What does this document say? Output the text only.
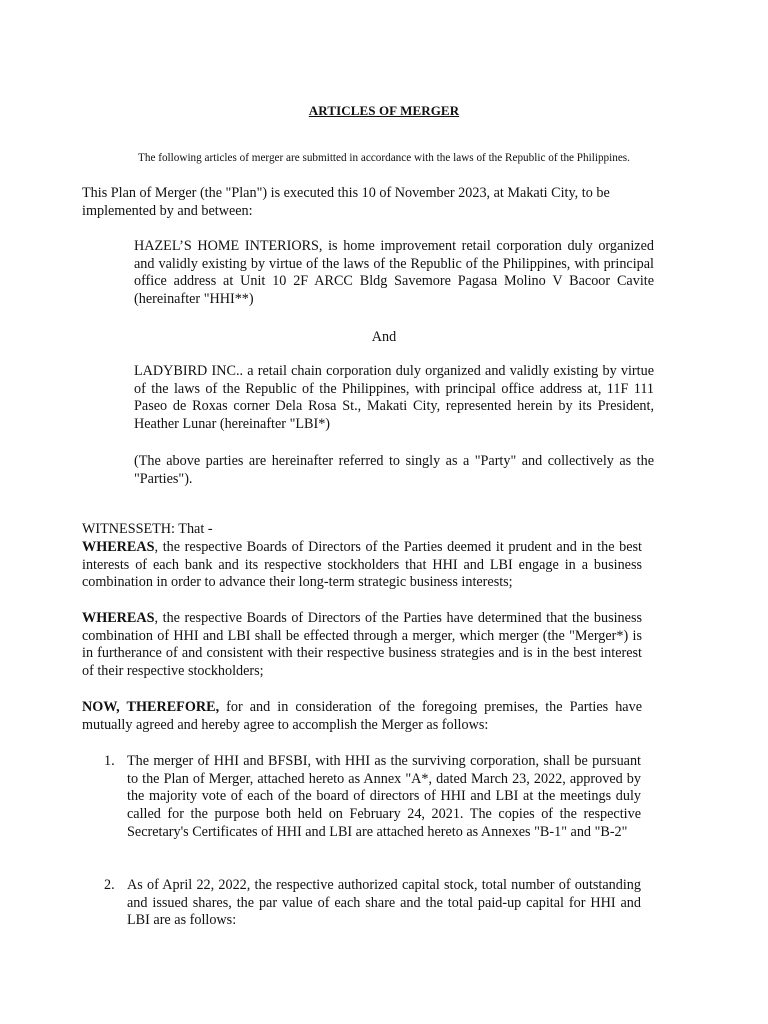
ARTICLES OF MERGER
The following articles of merger are submitted in accordance with the laws of the Republic of the Philippines.

This Plan of Merger (the "Plan") is executed this 10 of November 2023, at Makati City, to be implemented by and between:

HAZEL’S HOME INTERIORS, is home improvement retail corporation duly organized and validly existing by virtue of the laws of the Republic of the Philippines, with principal office address at Unit 10 2F ARCC Bldg Savemore Pagasa Molino V Bacoor Cavite (hereinafter "HHI**)

And

LADYBIRD INC.. a retail chain corporation duly organized and validly existing by virtue of the laws of the Republic of the Philippines, with principal office address at, 11F 111 Paseo de Roxas corner Dela Rosa St., Makati City, represented herein by its President, Heather Lunar (hereinafter "LBI*)

(The above parties are hereinafter referred to singly as a "Party" and collectively as the "Parties").

WITNESSETH: That -

WHEREAS, the respective Boards of Directors of the Parties deemed it prudent and in the best interests of each bank and its respective stockholders that HHI and LBI engage in a business combination in order to advance their long-term strategic business interests;

WHEREAS, the respective Boards of Directors of the Parties have determined that the business combination of HHI and LBI shall be effected through a merger, which merger (the "Merger*) is in furtherance of and consistent with their respective business strategies and is in the best interest of their respective stockholders;

NOW, THEREFORE, for and in consideration of the foregoing premises, the Parties have mutually agreed and hereby agree to accomplish the Merger as follows:

1. The merger of HHI and BFSBI, with HHI as the surviving corporation, shall be pursuant to the Plan of Merger, attached hereto as Annex "A*, dated March 23, 2022, approved by the majority vote of each of the board of directors of HHI and LBI at the meetings duly called for the purpose both held on February 24, 2021. The copies of the respective Secretary's Certificates of HHI and LBI are attached hereto as Annexes "B-1" and "B-2"
2. As of April 22, 2022, the respective authorized capital stock, total number of outstanding and issued shares, the par value of each share and the total paid-up capital for HHI and LBI are as follows:
